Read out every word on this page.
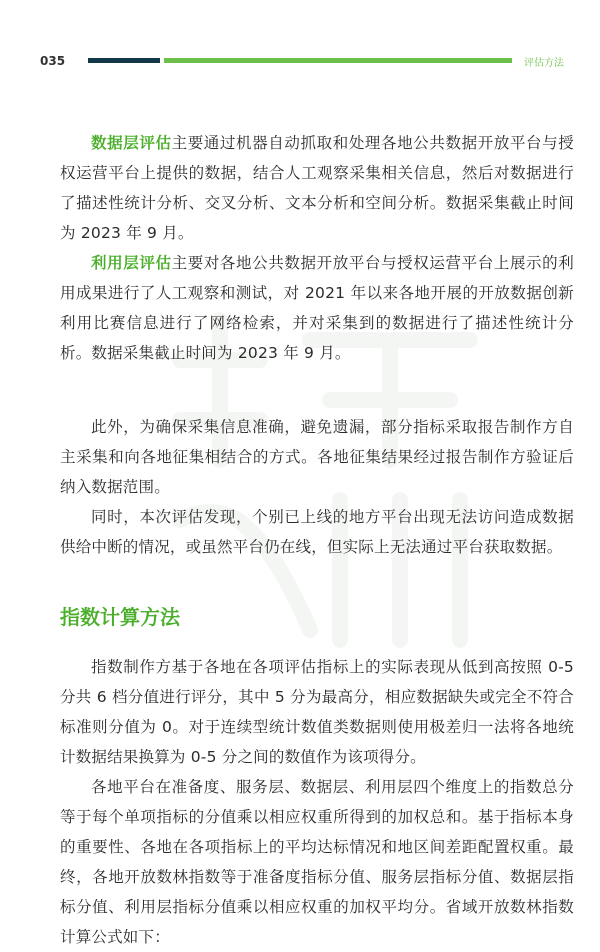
035	评估方法

数据层评估主要通过机器自动抓取和处理各地公共数据开放平台与授权运营平台上提供的数据，结合人工观察采集相关信息，然后对数据进行了描述性统计分析、交叉分析、文本分析和空间分析。数据采集截止时间为 2023 年 9 月。

利用层评估主要对各地公共数据开放平台与授权运营平台上展示的利用成果进行了人工观察和测试，对 2021 年以来各地开展的开放数据创新利用比赛信息进行了网络检索，并对采集到的数据进行了描述性统计分析。数据采集截止时间为 2023 年 9 月。

此外，为确保采集信息准确，避免遗漏，部分指标采取报告制作方自主采集和向各地征集相结合的方式。各地征集结果经过报告制作方验证后纳入数据范围。

同时，本次评估发现，个别已上线的地方平台出现无法访问造成数据供给中断的情况，或虽然平台仍在线，但实际上无法通过平台获取数据。

指数计算方法

指数制作方基于各地在各项评估指标上的实际表现从低到高按照 0-5 分共 6 档分值进行评分，其中 5 分为最高分，相应数据缺失或完全不符合标准则分值为 0。对于连续型统计数值类数据则使用极差归一法将各地统计数据结果换算为 0-5 分之间的数值作为该项得分。

各地平台在准备度、服务层、数据层、利用层四个维度上的指数总分等于每个单项指标的分值乘以相应权重所得到的加权总和。基于指标本身的重要性、各地在各项指标上的平均达标情况和地区间差距配置权重。最终，各地开放数林指数等于准备度指标分值、服务层指标分值、数据层指标分值、利用层指标分值乘以相应权重的加权平均分。省域开放数林指数计算公式如下：
